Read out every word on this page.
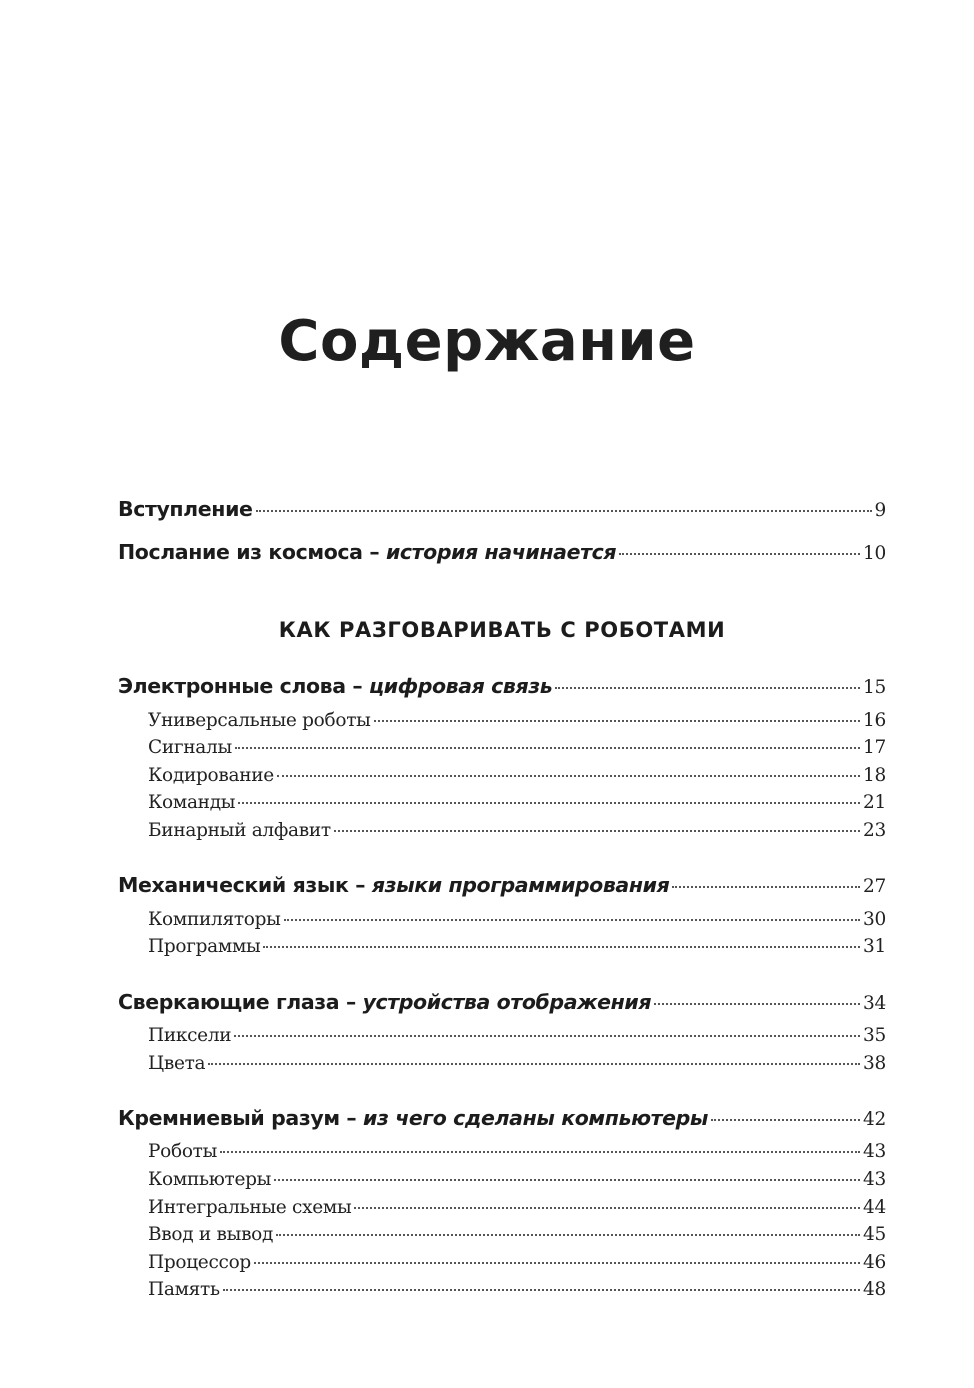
Содержание
Вступление	9
Послание из космоса – история начинается	10
КАК РАЗГОВАРИВАТЬ С РОБОТАМИ
Электронные слова – цифровая связь	15
Универсальные роботы	16
Сигналы	17
Кодирование	18
Команды	21
Бинарный алфавит	23
Механический язык – языки программирования	27
Компиляторы	30
Программы	31
Сверкающие глаза – устройства отображения	34
Пиксели	35
Цвета	38
Кремниевый разум – из чего сделаны компьютеры	42
Роботы	43
Компьютеры	43
Интегральные схемы	44
Ввод и вывод	45
Процессор	46
Память	48
